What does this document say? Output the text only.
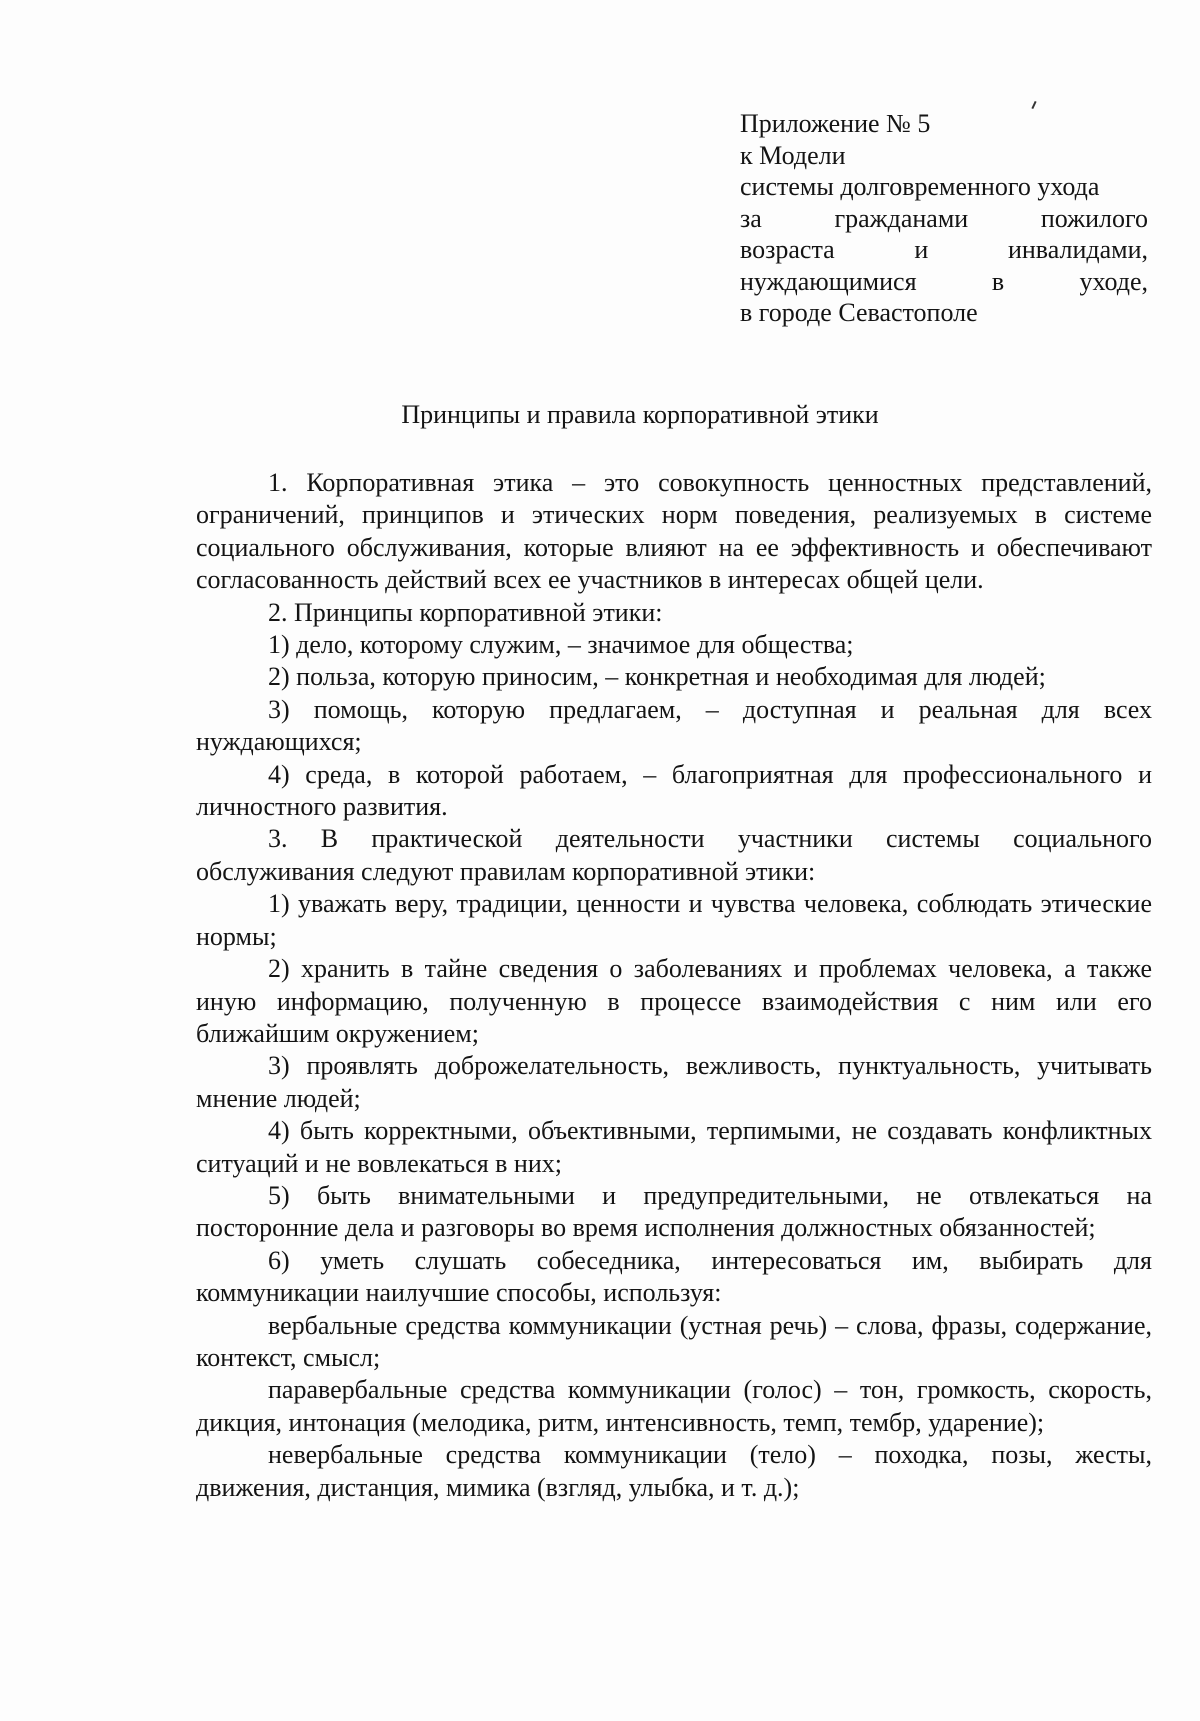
Приложение № 5
к Модели
системы долговременного ухода
за гражданами пожилого
возраста и инвалидами,
нуждающимися в уходе,
в городе Севастополе
Принципы и правила корпоративной этики

1. Корпоративная этика – это совокупность ценностных представлений, ограничений, принципов и этических норм поведения, реализуемых в системе социального обслуживания, которые влияют на ее эффективность и обеспечивают согласованность действий всех ее участников в интересах общей цели.

2. Принципы корпоративной этики:

1) дело, которому служим, – значимое для общества;

2) польза, которую приносим, – конкретная и необходимая для людей;

3) помощь, которую предлагаем, – доступная и реальная для всех нуждающихся;

4) среда, в которой работаем, – благоприятная для профессионального и личностного развития.

3. В практической деятельности участники системы социального обслуживания следуют правилам корпоративной этики:

1) уважать веру, традиции, ценности и чувства человека, соблюдать этические нормы;

2) хранить в тайне сведения о заболеваниях и проблемах человека, а также иную информацию, полученную в процессе взаимодействия с ним или его ближайшим окружением;

3) проявлять доброжелательность, вежливость, пунктуальность, учитывать мнение людей;

4) быть корректными, объективными, терпимыми, не создавать конфликтных ситуаций и не вовлекаться в них;

5) быть внимательными и предупредительными, не отвлекаться на посторонние дела и разговоры во время исполнения должностных обязанностей;

6) уметь слушать собеседника, интересоваться им, выбирать для коммуникации наилучшие способы, используя:

вербальные средства коммуникации (устная речь) – слова, фразы, содержание, контекст, смысл;

паравербальные средства коммуникации (голос) – тон, громкость, скорость, дикция, интонация (мелодика, ритм, интенсивность, темп, тембр, ударение);

невербальные средства коммуникации (тело) – походка, позы, жесты, движения, дистанция, мимика (взгляд, улыбка, и т. д.);
